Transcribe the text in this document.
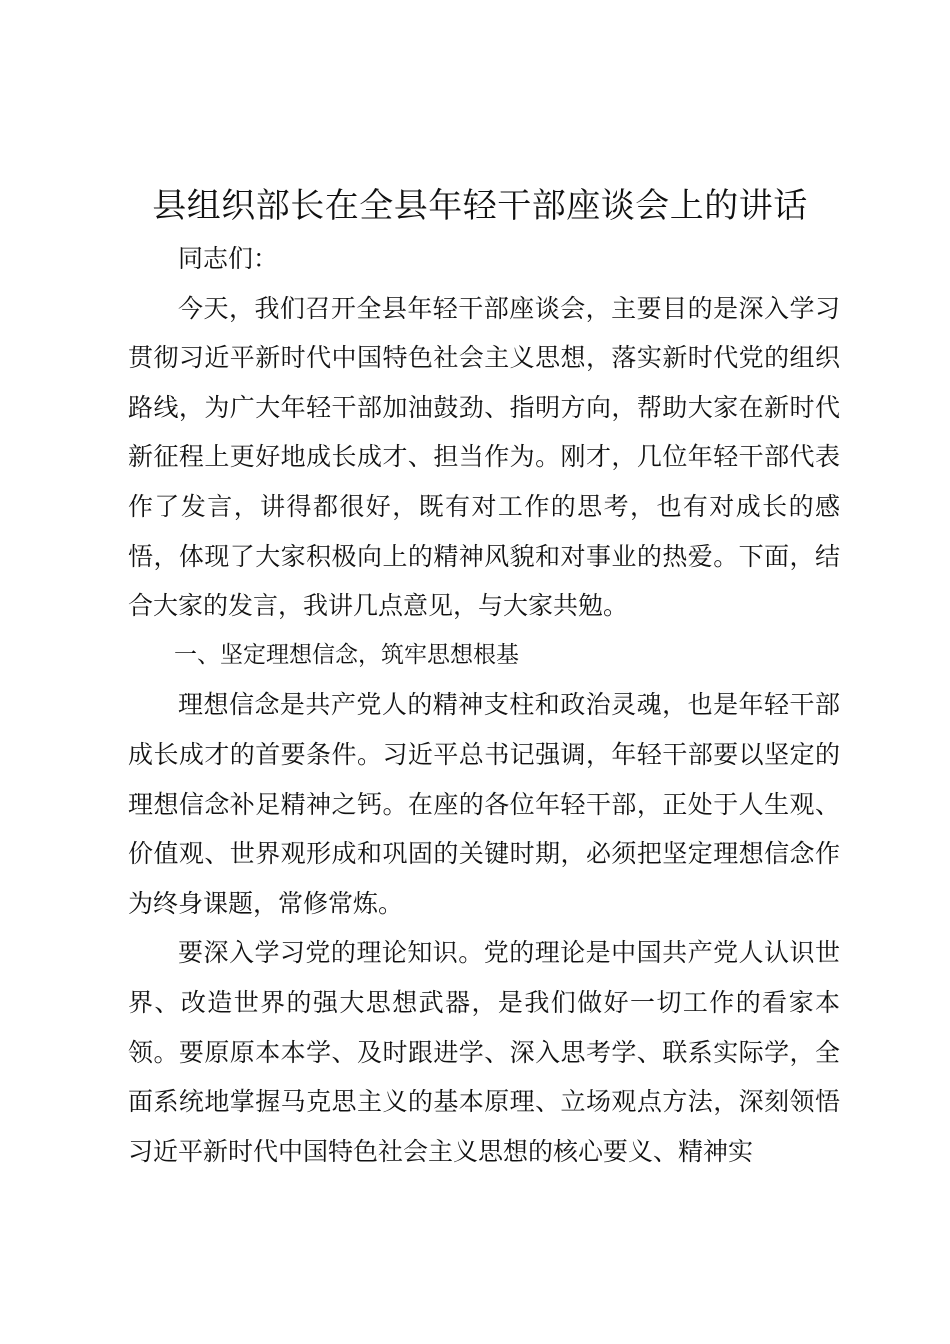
县组织部长在全县年轻干部座谈会上的讲话

同志们：

今天，我们召开全县年轻干部座谈会，主要目的是深入学习贯彻习近平新时代中国特色社会主义思想，落实新时代党的组织路线，为广大年轻干部加油鼓劲、指明方向，帮助大家在新时代新征程上更好地成长成才、担当作为。刚才，几位年轻干部代表作了发言，讲得都很好，既有对工作的思考，也有对成长的感悟，体现了大家积极向上的精神风貌和对事业的热爱。下面，结合大家的发言，我讲几点意见，与大家共勉。

一、坚定理想信念，筑牢思想根基

理想信念是共产党人的精神支柱和政治灵魂，也是年轻干部成长成才的首要条件。习近平总书记强调，年轻干部要以坚定的理想信念补足精神之钙。在座的各位年轻干部，正处于人生观、价值观、世界观形成和巩固的关键时期，必须把坚定理想信念作为终身课题，常修常炼。

要深入学习党的理论知识。党的理论是中国共产党人认识世界、改造世界的强大思想武器，是我们做好一切工作的看家本领。要原原本本学、及时跟进学、深入思考学、联系实际学，全面系统地掌握马克思主义的基本原理、立场观点方法，深刻领悟习近平新时代中国特色社会主义思想的核心要义、精神实
